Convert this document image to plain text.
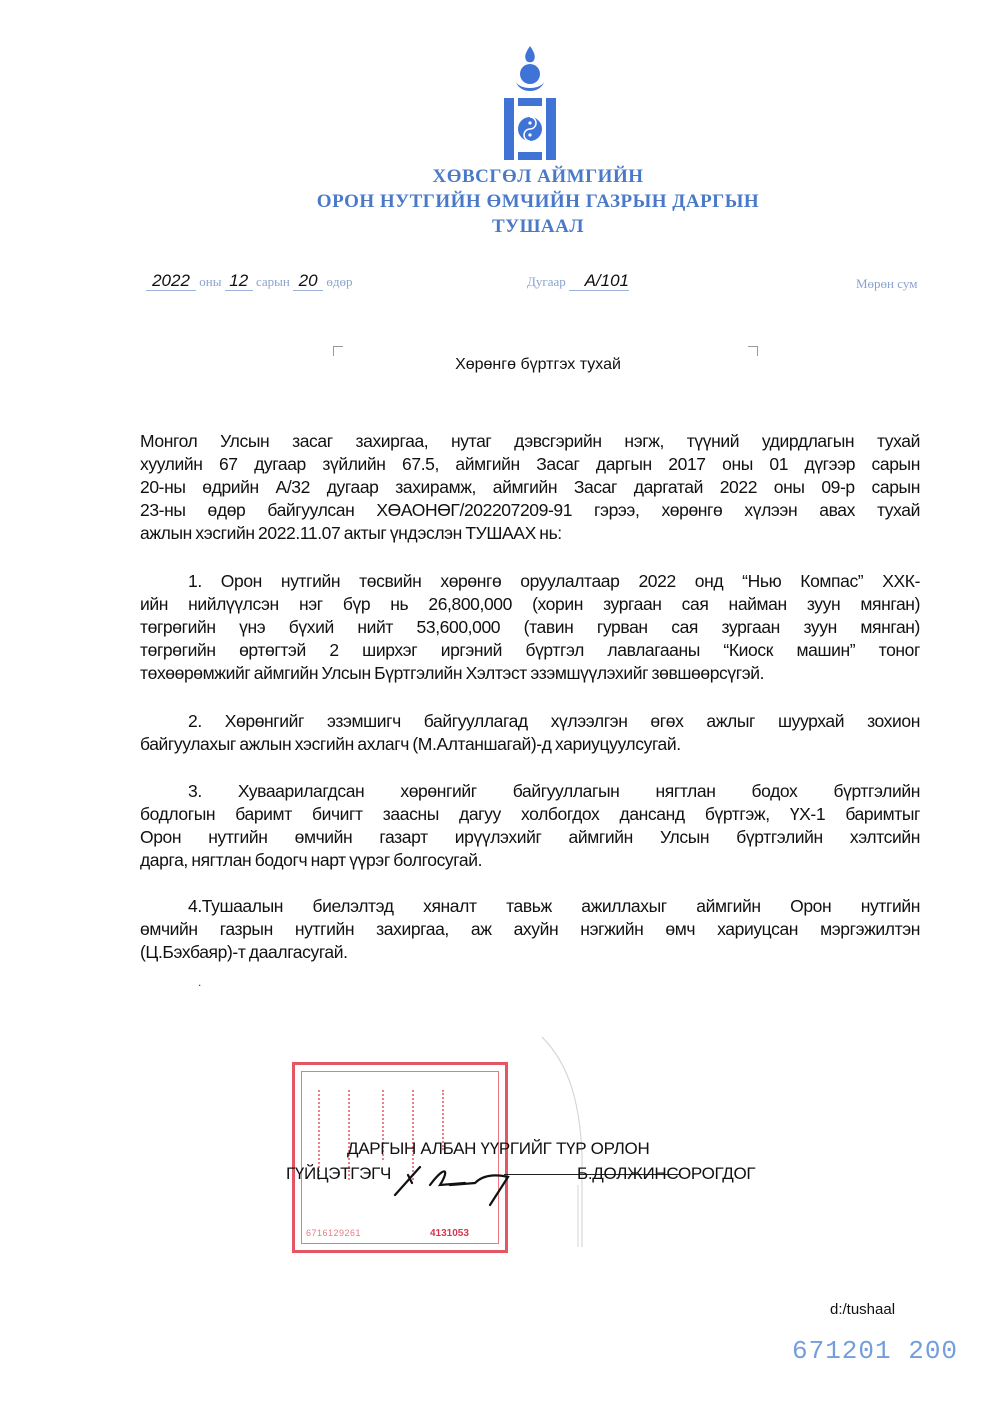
ХӨВСГӨЛ АЙМГИЙН
ОРОН НУТГИЙН ӨМЧИЙН ГАЗРЫН ДАРГЫН
ТУШААЛ
2022 оны 12 сарын 20 өдөр	Дугаар А/101	Мөрөн сум
Хөрөнгө бүртгэх тухай
Монгол Улсын засаг захиргаа, нутаг дэвсгэрийн нэгж, түүний удирдлагын тухай
хуулийн 67 дугаар зүйлийн 67.5, аймгийн Засаг даргын 2017 оны 01 дүгээр сарын
20-ны өдрийн А/32 дугаар захирамж, аймгийн Засаг даргатай 2022 оны 09-р сарын
23-ны өдөр байгуулсан ХӨАОНӨГ/202207209-91 гэрээ, хөрөнгө хүлээн авах тухай
ажлын хэсгийн 2022.11.07 актыг үндэслэн ТУШААХ нь:
1. Орон нутгийн төсвийн хөрөнгө оруулалтаар 2022 онд “Нью Компас” ХХК-
ийн нийлүүлсэн нэг бүр нь 26,800,000 (хорин зургаан сая найман зуун мянган)
төгрөгийн үнэ бүхий нийт 53,600,000 (тавин гурван сая зургаан зуун мянган)
төгрөгийн өртөгтэй 2 ширхэг иргэний бүртгэл лавлагааны “Киоск машин” тоног
төхөөрөмжийг аймгийн Улсын Бүртгэлийн Хэлтэст эзэмшүүлэхийг зөвшөөрсүгэй.
2. Хөрөнгийг эзэмшигч байгууллагад хүлээлгэн өгөх ажлыг шуурхай зохион
байгуулахыг ажлын хэсгийн ахлагч (М.Алтаншагай)-д хариуцуулсугай.
3. Хуваарилагдсан хөрөнгийг байгууллагын нягтлан бодох бүртгэлийн
бодлогын баримт бичигт заасны дагуу холбогдох дансанд бүртгэж, ҮХ-1 баримтыг
Орон нутгийн өмчийн газарт ирүүлэхийг аймгийн Улсын бүртгэлийн хэлтсийн
дарга, нягтлан бодогч нарт үүрэг болгосугай.
4.Тушаалын биелэлтэд хяналт тавьж ажиллахыг аймгийн Орон нутгийн
өмчийн газрын нутгийн захиргаа, аж ахуйн нэгжийн өмч хариуцсан мэргэжилтэн
(Ц.Бэхбаяр)-т даалгасугай.
.
6716129261	4131053
ДАРГЫН АЛБАН ҮҮРГИЙГ ТҮР ОРЛОН
ГҮЙЦЭТГЭГЧ	Б.ДОЛЖИНСОРОГДОГ
d:/tushaal
671201 200
